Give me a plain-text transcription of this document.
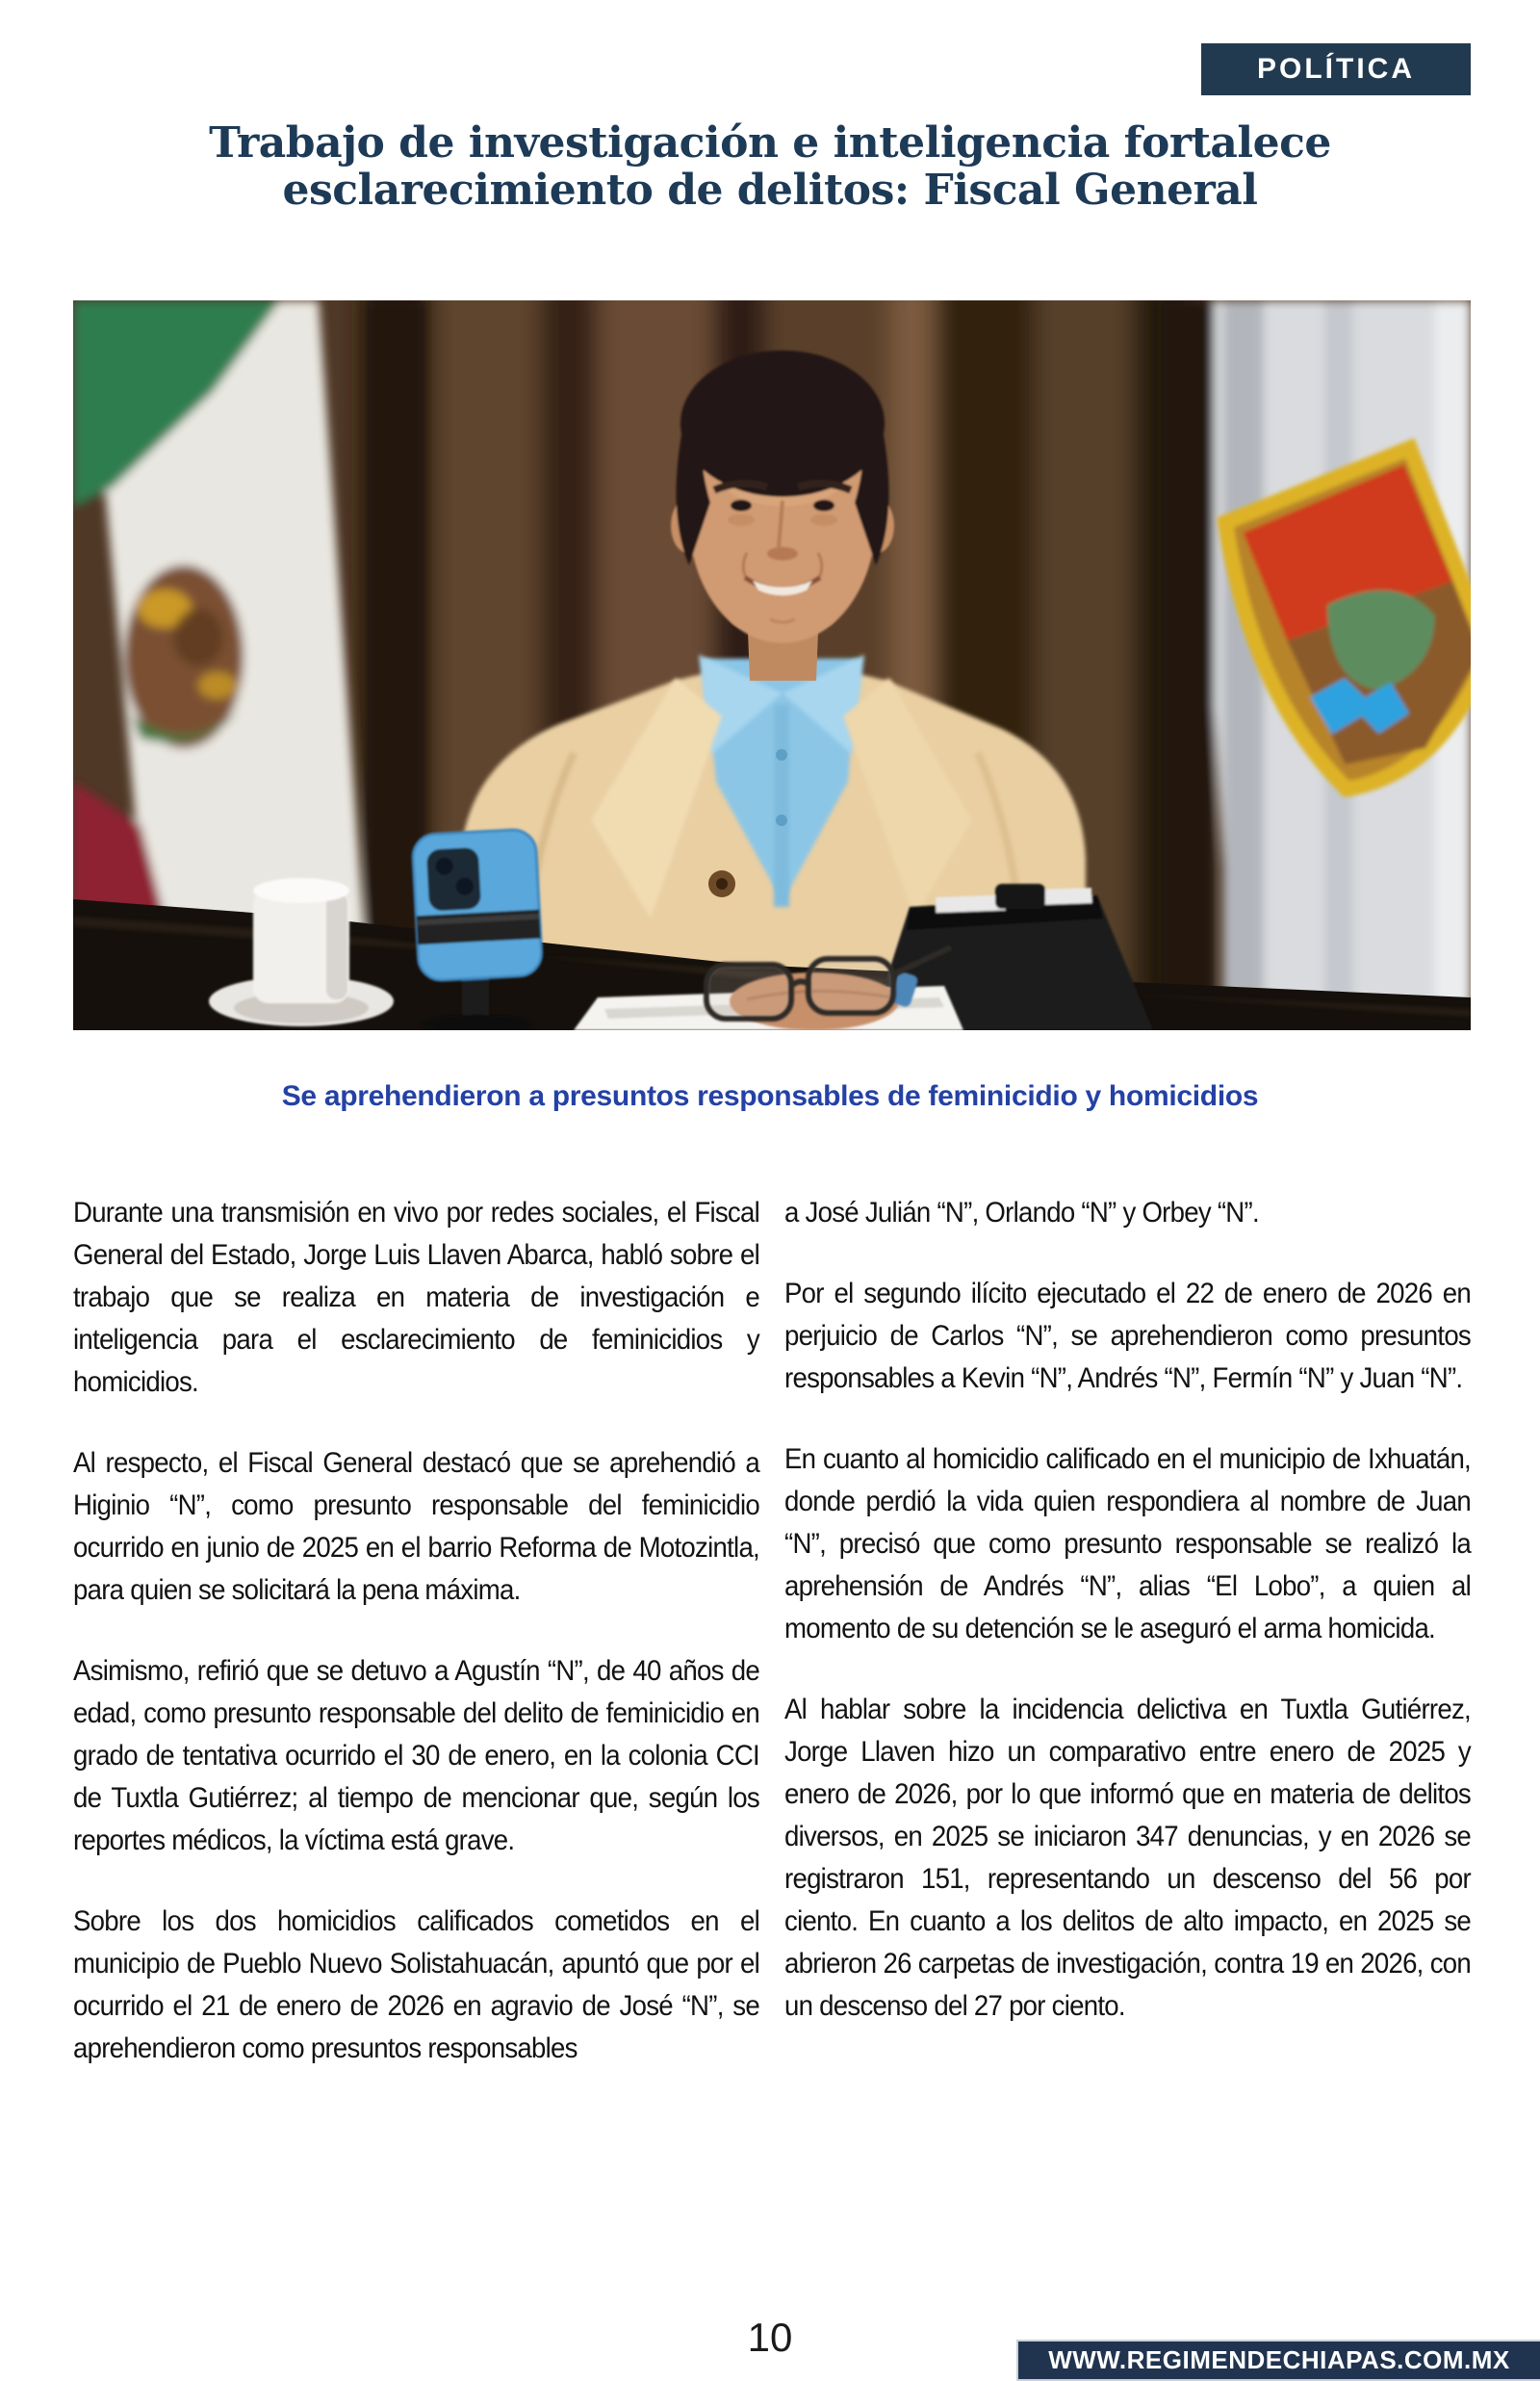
POLÍTICA
Trabajo de investigación e inteligencia fortalece
esclarecimiento de delitos: Fiscal General
Se aprehendieron a presuntos responsables de feminicidio y homicidios

Durante una transmisión en vivo por redes sociales, el Fiscal General del Estado, Jorge Luis Llaven Abarca, habló sobre el trabajo que se realiza en materia de investigación e inteligencia para el esclarecimiento de feminicidios y homicidios.

Al respecto, el Fiscal General destacó que se aprehendió a Higinio “N”, como presunto responsable del feminicidio ocurrido en junio de 2025 en el barrio Reforma de Motozintla, para quien se solicitará la pena máxima.

Asimismo, refirió que se detuvo a Agustín “N”, de 40 años de edad, como presunto responsable del delito de feminicidio en grado de tentativa ocurrido el 30 de enero, en la colonia CCI de Tuxtla Gutiérrez; al tiempo de mencionar que, según los reportes médicos, la víctima está grave.

Sobre los dos homicidios calificados cometidos en el municipio de Pueblo Nuevo Solistahuacán, apuntó que por el ocurrido el 21 de enero de 2026 en agravio de José “N”, se aprehendieron como presuntos responsables

a José Julián “N”, Orlando “N” y Orbey “N”.

Por el segundo ilícito ejecutado el 22 de enero de 2026 en perjuicio de Carlos “N”, se aprehendieron como presuntos responsables a Kevin “N”, Andrés “N”, Fermín “N” y Juan “N”.

En cuanto al homicidio calificado en el municipio de Ixhuatán, donde perdió la vida quien respondiera al nombre de Juan “N”, precisó que como presunto responsable se realizó la aprehensión de Andrés “N”, alias “El Lobo”, a quien al momento de su detención se le aseguró el arma homicida.

Al hablar sobre la incidencia delictiva en Tuxtla Gutiérrez, Jorge Llaven hizo un comparativo entre enero de 2025 y enero de 2026, por lo que informó que en materia de delitos diversos, en 2025 se iniciaron 347 denuncias, y en 2026 se registraron 151, representando un descenso del 56 por ciento. En cuanto a los delitos de alto impacto, en 2025 se abrieron 26 carpetas de investigación, contra 19 en 2026, con un descenso del 27 por ciento.

10	WWW.REGIMENDECHIAPAS.COM.MX
